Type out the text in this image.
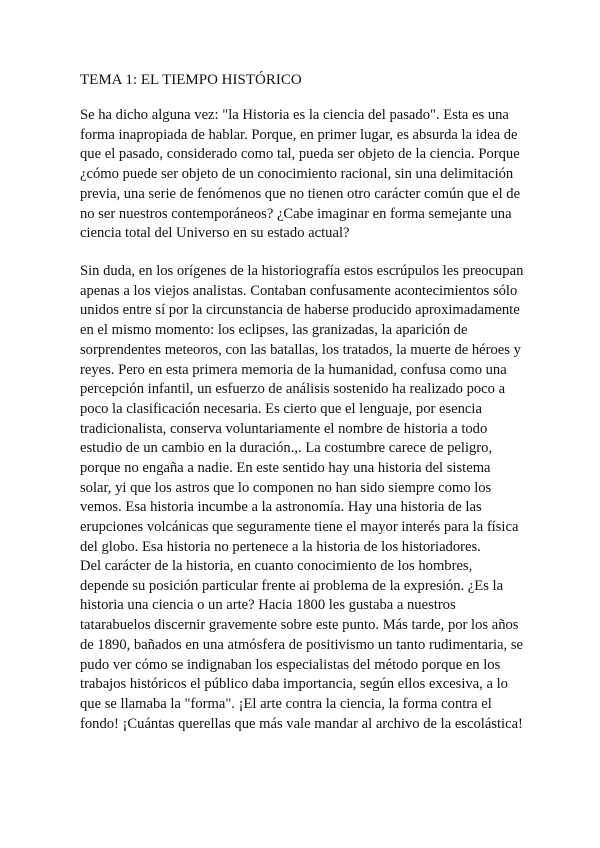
TEMA 1: EL TIEMPO HISTÓRICO
Se ha dicho alguna vez: "la Historia es la ciencia del pasado". Esta es una
forma inapropiada de hablar. Porque, en primer lugar, es absurda la idea de
que el pasado, considerado como tal, pueda ser objeto de la ciencia. Porque
¿cómo puede ser objeto de un conocimiento racional, sin una delimitación
previa, una serie de fenómenos que no tienen otro carácter común que el de
no ser nuestros contemporáneos? ¿Cabe imaginar en forma semejante una
ciencia total del Universo en su estado actual?
Sin duda, en los orígenes de la historiografía estos escrúpulos les preocupan
apenas a los viejos analistas. Contaban confusamente acontecimientos sólo
unidos entre sí por la circunstancia de haberse producido aproximadamente
en el mismo momento: los eclipses, las granizadas, la aparición de
sorprendentes meteoros, con las batallas, los tratados, la muerte de héroes y
reyes. Pero en esta primera memoria de la humanidad, confusa como una
percepción infantil, un esfuerzo de análisis sostenido ha realizado poco a
poco la clasificación necesaria. Es cierto que el lenguaje, por esencia
tradicionalista, conserva voluntariamente el nombre de historia a todo
estudio de un cambio en la duración.,. La costumbre carece de peligro,
porque no engaña a nadie. En este sentido hay una historia del sistema
solar, yi que los astros que lo componen no han sido siempre como los
vemos. Esa historia incumbe a la astronomía. Hay una historia de las
erupciones volcánicas que seguramente tiene el mayor interés para la física
del globo. Esa historia no pertenece a la historia de los historiadores.
Del carácter de la historia, en cuanto conocimiento de los hombres,
depende su posición particular frente ai problema de la expresión. ¿Es la
historia una ciencia o un arte? Hacia 1800 les gustaba a nuestros
tatarabuelos discernir gravemente sobre este punto. Más tarde, por los años
de 1890, bañados en una atmósfera de positivismo un tanto rudimentaria, se
pudo ver cómo se indignaban los especialistas del método porque en los
trabajos históricos el público daba importancia, según ellos excesiva, a lo
que se llamaba la "forma". ¡El arte contra la ciencia, la forma contra el
fondo! ¡Cuántas querellas que más vale mandar al archivo de la escolástica!
